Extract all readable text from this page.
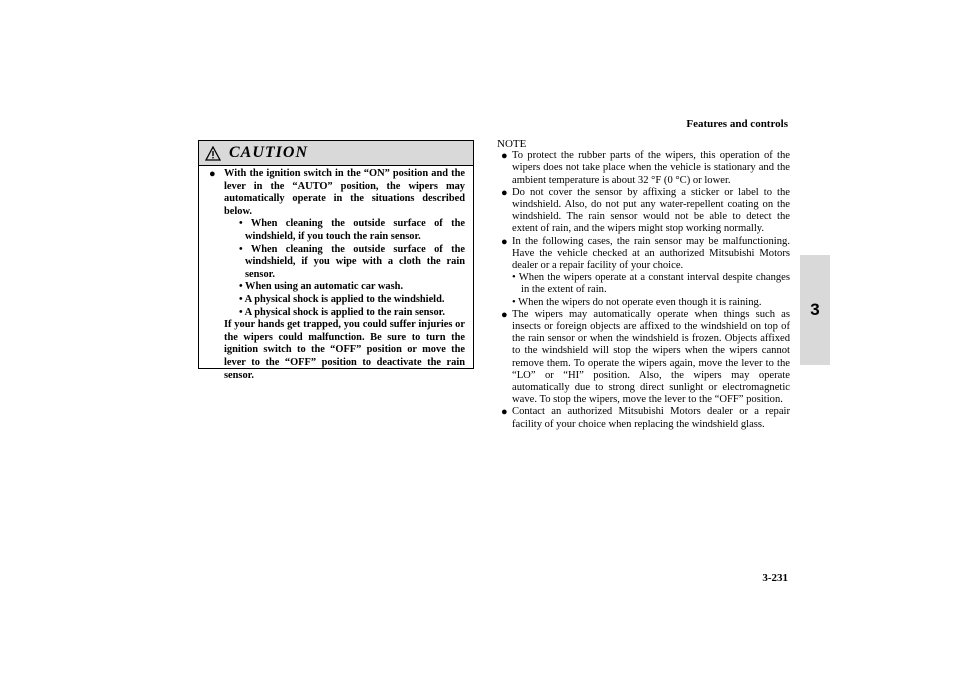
Features and controls
3
3-231
CAUTION
● With the ignition switch in the “ON” position and the lever in the “AUTO” position, the wipers may automatically operate in the situations described below.
• When cleaning the outside surface of the windshield, if you touch the rain sensor.
• When cleaning the outside surface of the windshield, if you wipe with a cloth the rain sensor.
• When using an automatic car wash.
• A physical shock is applied to the windshield.
• A physical shock is applied to the rain sensor.
If your hands get trapped, you could suffer injuries or the wipers could malfunction. Be sure to turn the ignition switch to the “OFF” position or move the lever to the “OFF” position to deactivate the rain sensor.
NOTE
● To protect the rubber parts of the wipers, this operation of the wipers does not take place when the vehicle is stationary and the ambient temperature is about 32 °F (0 °C) or lower.
● Do not cover the sensor by affixing a sticker or label to the windshield. Also, do not put any water-repellent coating on the windshield. The rain sensor would not be able to detect the extent of rain, and the wipers might stop working normally.
● In the following cases, the rain sensor may be malfunctioning. Have the vehicle checked at an authorized Mitsubishi Motors dealer or a repair facility of your choice.
• When the wipers operate at a constant interval despite changes in the extent of rain.
• When the wipers do not operate even though it is raining.
● The wipers may automatically operate when things such as insects or foreign objects are affixed to the windshield on top of the rain sensor or when the windshield is frozen. Objects affixed to the windshield will stop the wipers when the wipers cannot remove them. To operate the wipers again, move the lever to the “LO” or “HI” position. Also, the wipers may operate automatically due to strong direct sunlight or electromagnetic wave. To stop the wipers, move the lever to the “OFF” position.
● Contact an authorized Mitsubishi Motors dealer or a repair facility of your choice when replacing the windshield glass.
